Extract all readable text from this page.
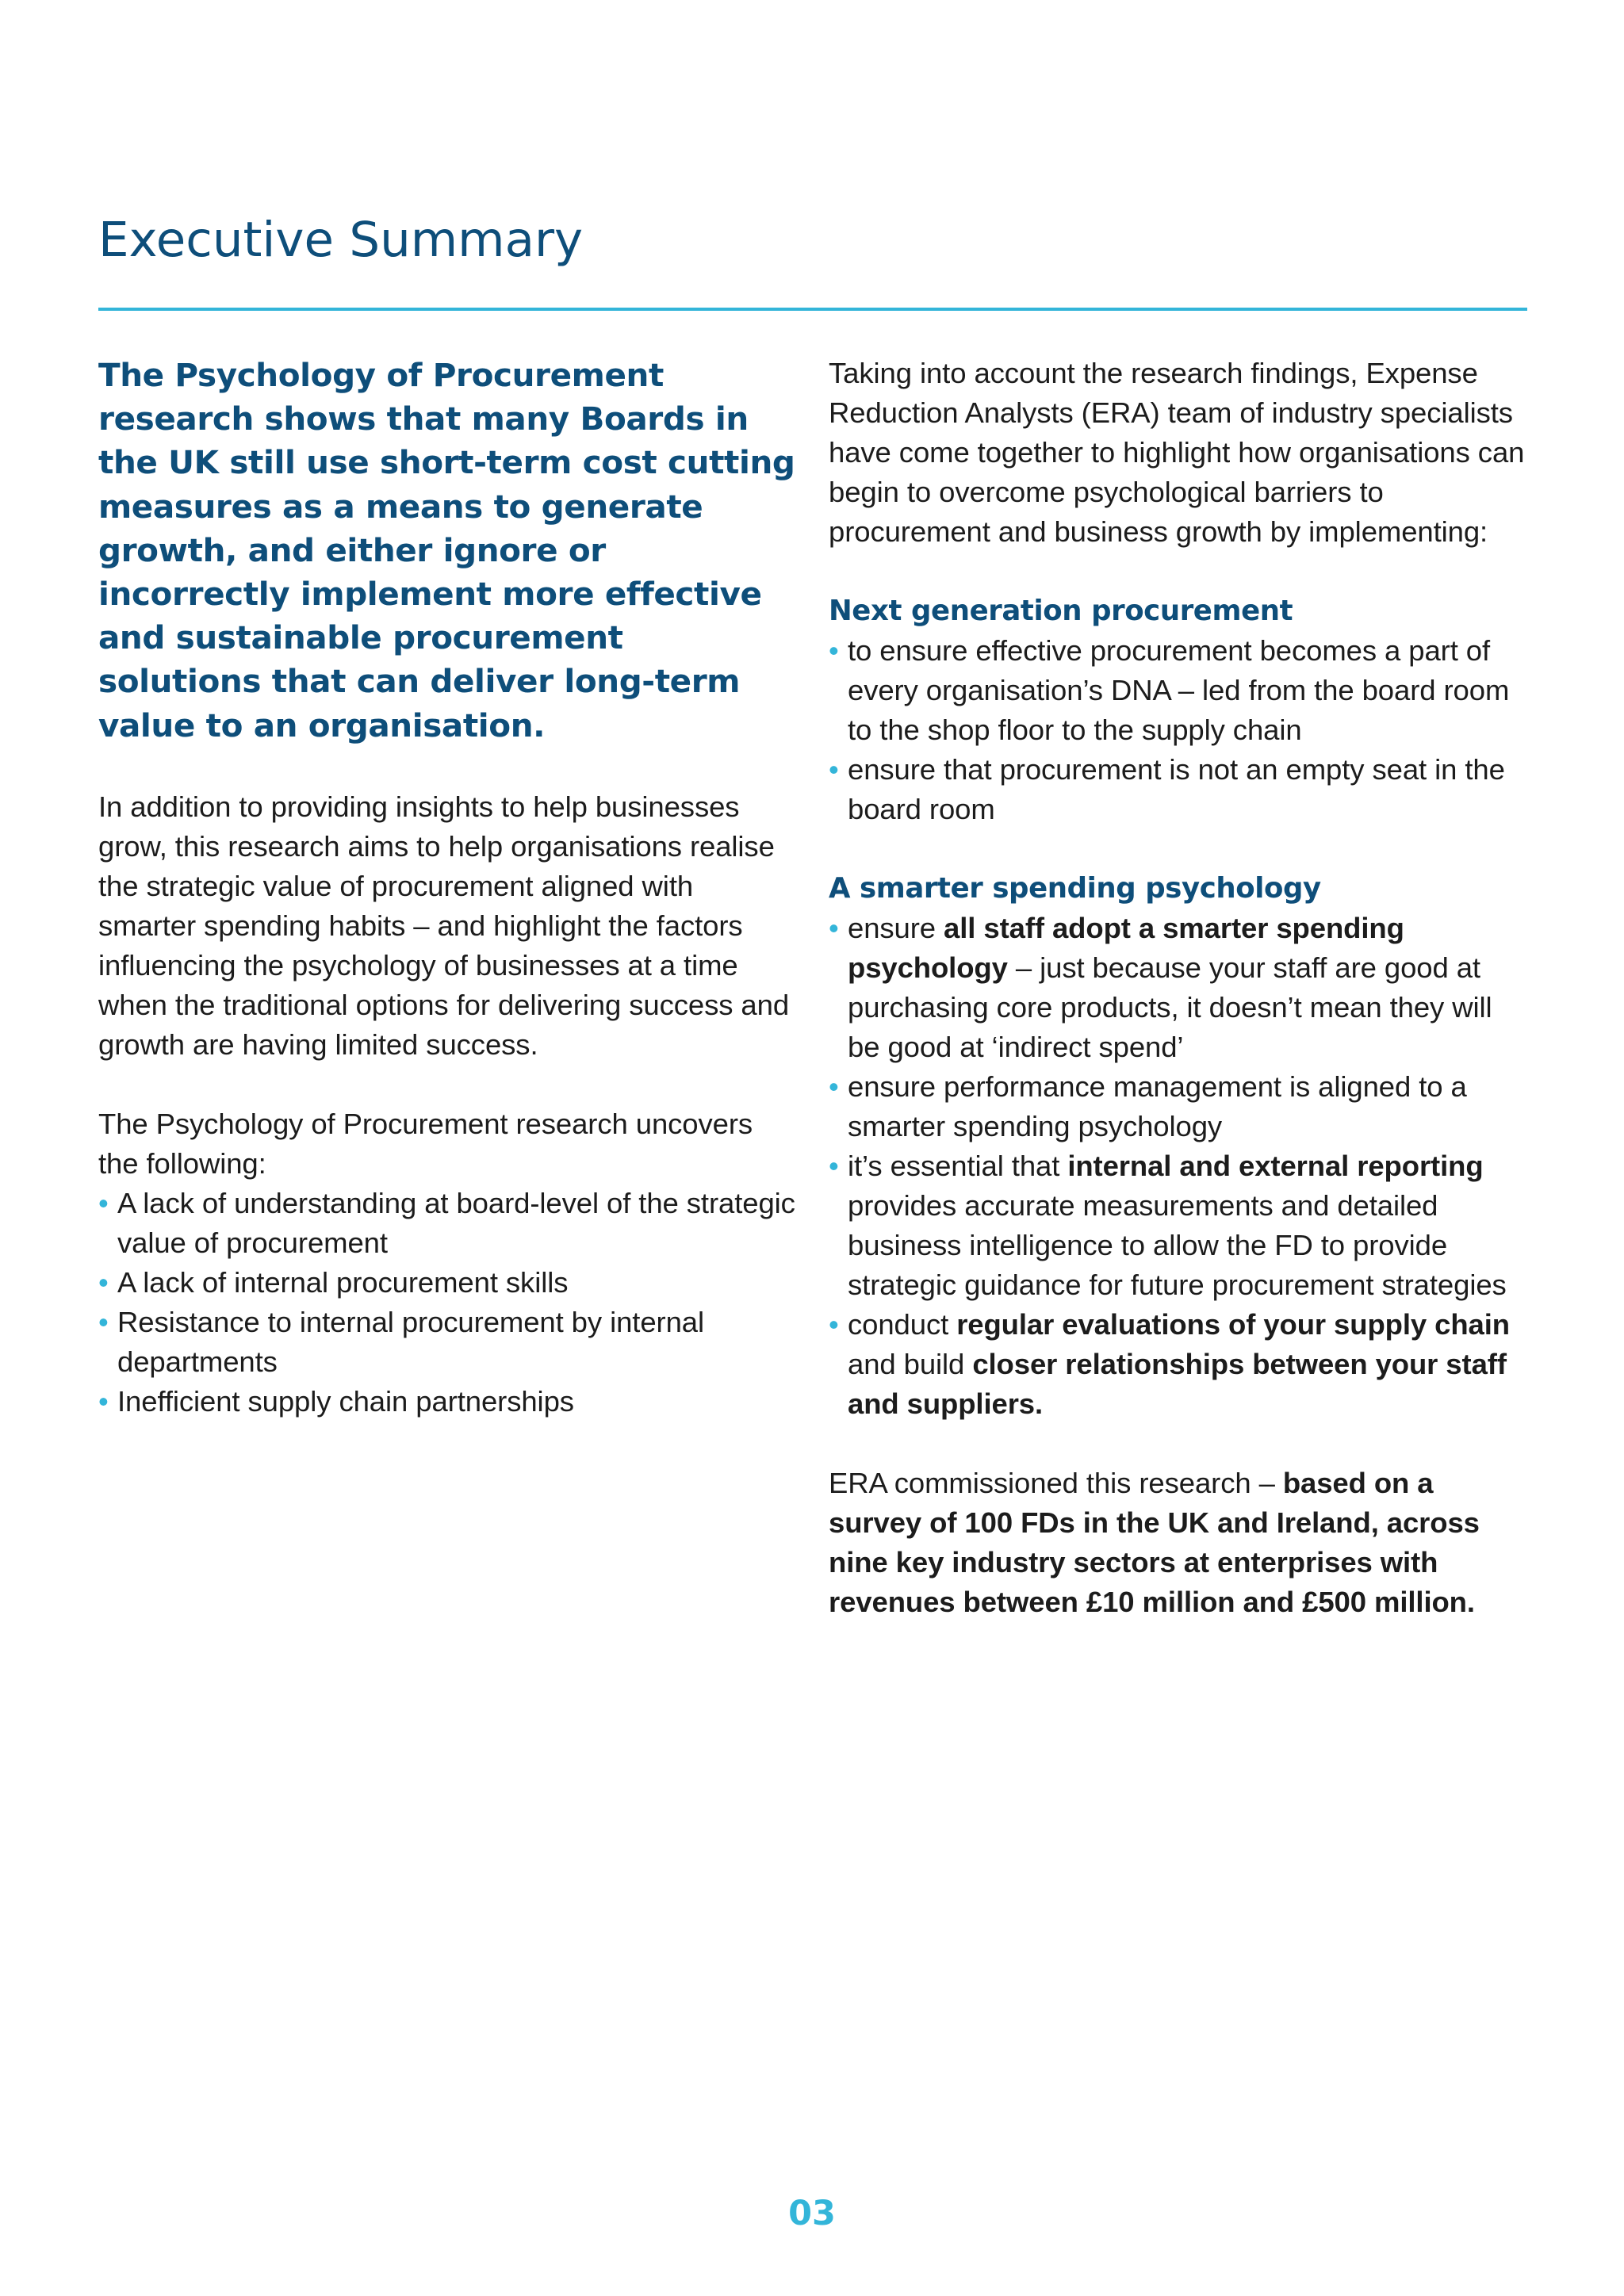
Executive Summary

The Psychology of Procurement research shows that many Boards in the UK still use short-term cost cutting measures as a means to generate growth, and either ignore or incorrectly implement more effective and sustainable procurement solutions that can deliver long-term value to an organisation.

In addition to providing insights to help businesses grow, this research aims to help organisations realise the strategic value of procurement aligned with smarter spending habits – and highlight the factors influencing the psychology of businesses at a time when the traditional options for delivering success and growth are having limited success.

The Psychology of Procurement research uncovers the following:

• A lack of understanding at board-level of the strategic value of procurement
• A lack of internal procurement skills
• Resistance to internal procurement by internal departments
• Inefficient supply chain partnerships

Taking into account the research findings, Expense Reduction Analysts (ERA) team of industry specialists have come together to highlight how organisations can begin to overcome psychological barriers to procurement and business growth by implementing:

Next generation procurement
• to ensure effective procurement becomes a part of every organisation’s DNA – led from the board room to the shop floor to the supply chain
• ensure that procurement is not an empty seat in the board room
A smarter spending psychology
• ensure all staff adopt a smarter spending psychology – just because your staff are good at purchasing core products, it doesn’t mean they will be good at ‘indirect spend’
• ensure performance management is aligned to a smarter spending psychology
• it’s essential that internal and external reporting provides accurate measurements and detailed business intelligence to allow the FD to provide strategic guidance for future procurement strategies
• conduct regular evaluations of your supply chain and build closer relationships between your staff and suppliers.

ERA commissioned this research – based on a survey of 100 FDs in the UK and Ireland, across nine key industry sectors at enterprises with revenues between £10 million and £500 million.

03
